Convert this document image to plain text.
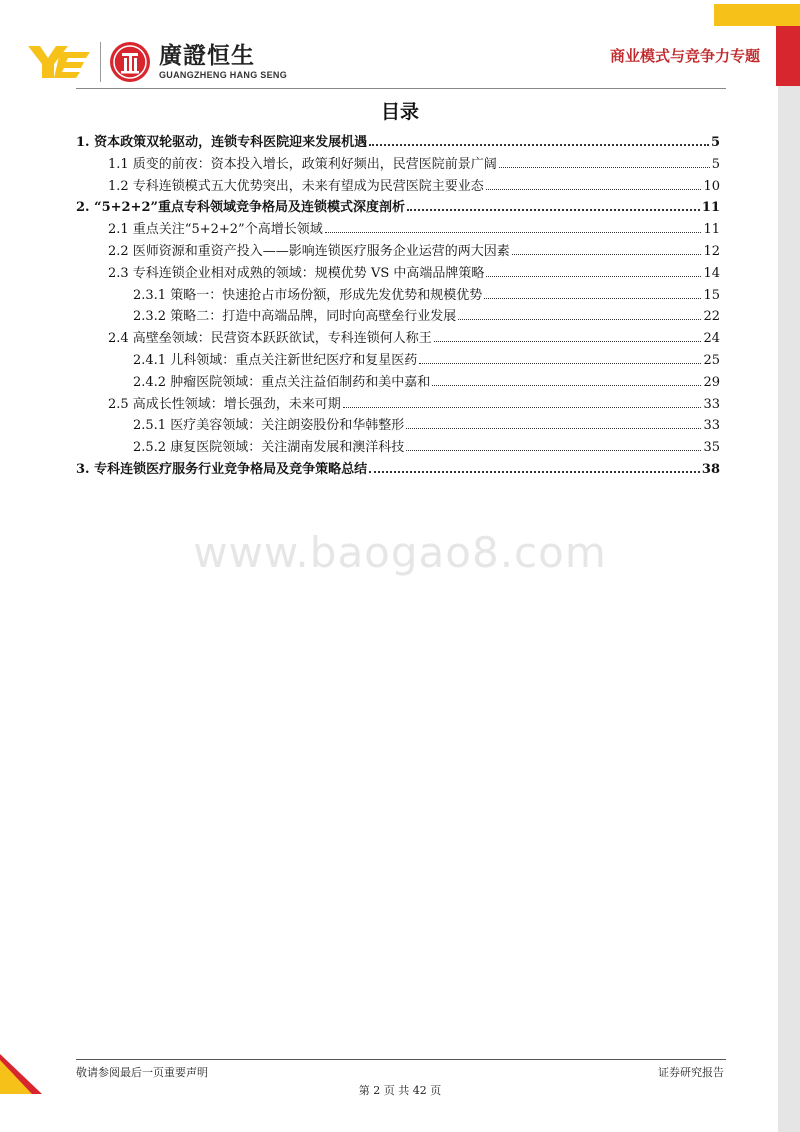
廣證恒生
GUANGZHENG HANG SENG
商业模式与竞争力专题
目录
1. 资本政策双轮驱动，连锁专科医院迎来发展机遇	5
1.1 质变的前夜：资本投入增长，政策利好频出，民营医院前景广阔	5
1.2 专科连锁模式五大优势突出，未来有望成为民营医院主要业态	10
2. “5+2+2”重点专科领域竞争格局及连锁模式深度剖析	11
2.1 重点关注“5+2+2”个高增长领域	11
2.2 医师资源和重资产投入——影响连锁医疗服务企业运营的两大因素	12
2.3 专科连锁企业相对成熟的领域：规模优势 VS 中高端品牌策略	14
2.3.1 策略一：快速抢占市场份额，形成先发优势和规模优势	15
2.3.2 策略二：打造中高端品牌，同时向高壁垒行业发展	22
2.4 高壁垒领域：民营资本跃跃欲试，专科连锁何人称王	24
2.4.1 儿科领域：重点关注新世纪医疗和复星医药	25
2.4.2 肿瘤医院领域：重点关注益佰制药和美中嘉和	29
2.5 高成长性领域：增长强劲，未来可期	33
2.5.1 医疗美容领域：关注朗姿股份和华韩整形	33
2.5.2 康复医院领域：关注湖南发展和澳洋科技	35
3. 专科连锁医疗服务行业竞争格局及竞争策略总结	38
www.baogao8.com
敬请参阅最后一页重要声明	证券研究报告
第 2 页 共 42 页
